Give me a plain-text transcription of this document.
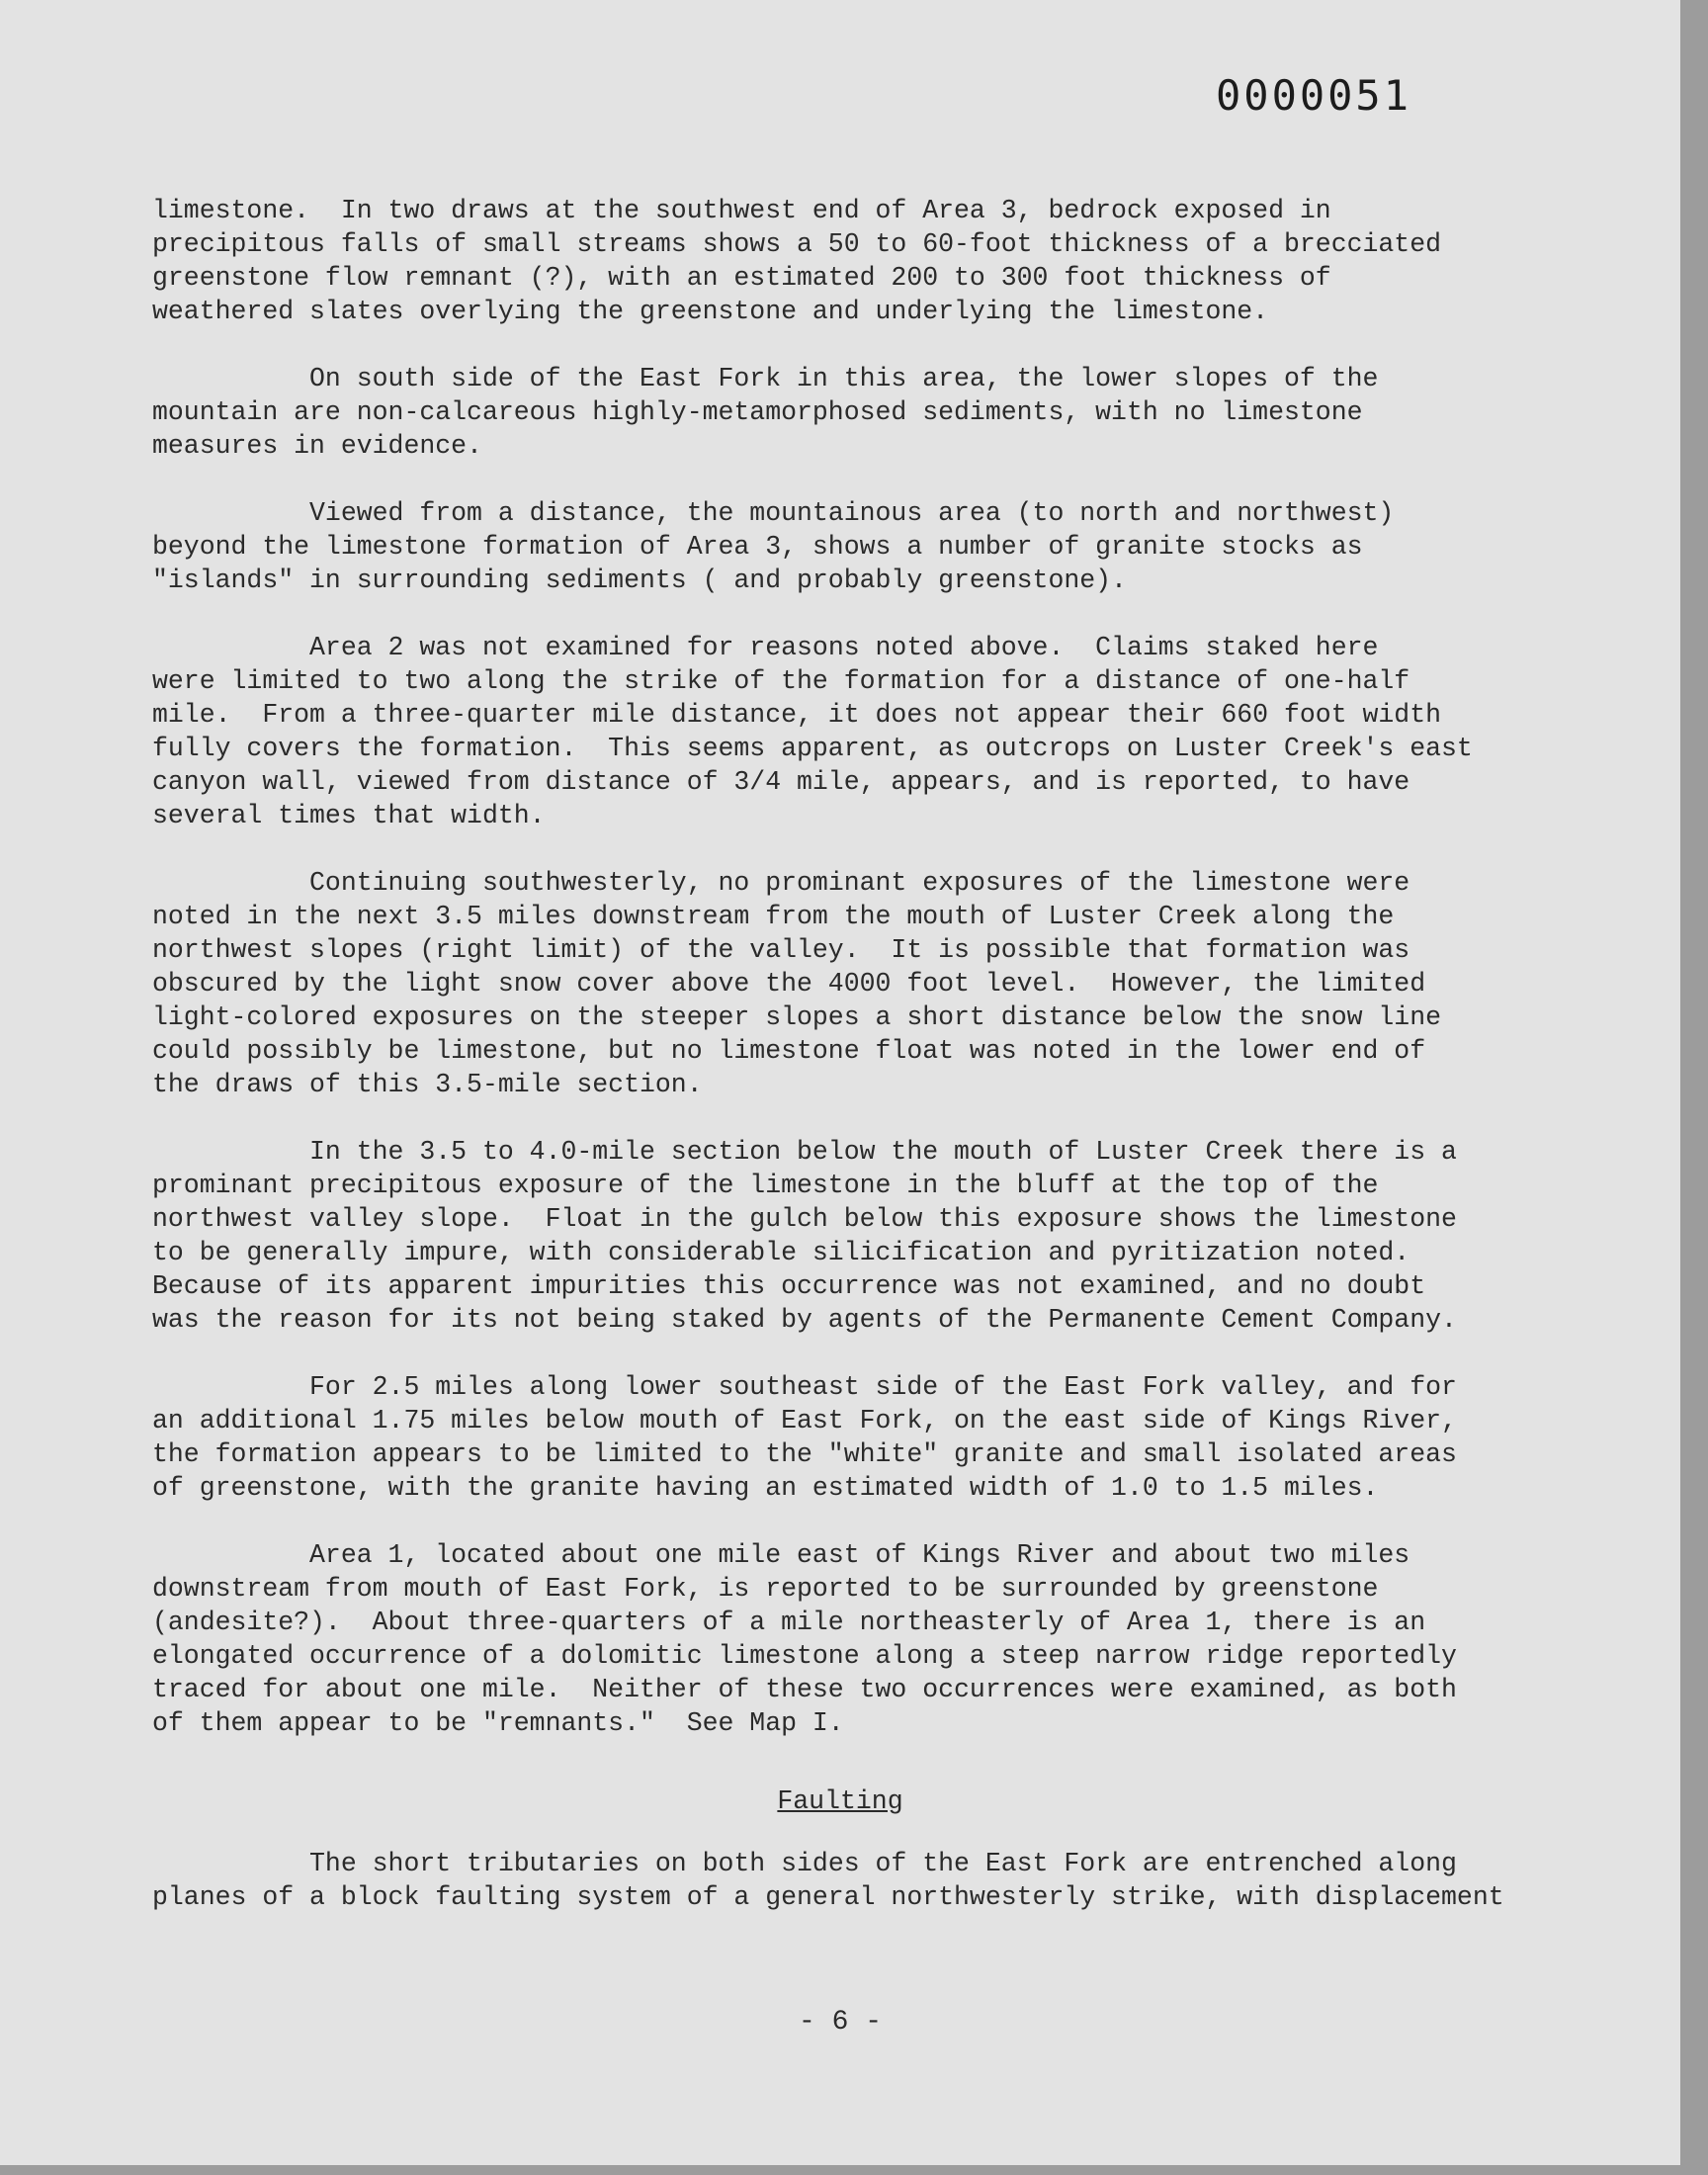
0000051

limestone.  In two draws at the southwest end of Area 3, bedrock exposed in
precipitous falls of small streams shows a 50 to 60-foot thickness of a brecciated
greenstone flow remnant (?), with an estimated 200 to 300 foot thickness of
weathered slates overlying the greenstone and underlying the limestone.

On south side of the East Fork in this area, the lower slopes of the
mountain are non-calcareous highly-metamorphosed sediments, with no limestone
measures in evidence.

Viewed from a distance, the mountainous area (to north and northwest)
beyond the limestone formation of Area 3, shows a number of granite stocks as
"islands" in surrounding sediments ( and probably greenstone).

Area 2 was not examined for reasons noted above.  Claims staked here
were limited to two along the strike of the formation for a distance of one-half
mile.  From a three-quarter mile distance, it does not appear their 660 foot width
fully covers the formation.  This seems apparent, as outcrops on Luster Creek's east
canyon wall, viewed from distance of 3/4 mile, appears, and is reported, to have
several times that width.

Continuing southwesterly, no prominant exposures of the limestone were
noted in the next 3.5 miles downstream from the mouth of Luster Creek along the
northwest slopes (right limit) of the valley.  It is possible that formation was
obscured by the light snow cover above the 4000 foot level.  However, the limited
light-colored exposures on the steeper slopes a short distance below the snow line
could possibly be limestone, but no limestone float was noted in the lower end of
the draws of this 3.5-mile section.

In the 3.5 to 4.0-mile section below the mouth of Luster Creek there is a
prominant precipitous exposure of the limestone in the bluff at the top of the
northwest valley slope.  Float in the gulch below this exposure shows the limestone
to be generally impure, with considerable silicification and pyritization noted.
Because of its apparent impurities this occurrence was not examined, and no doubt
was the reason for its not being staked by agents of the Permanente Cement Company.

For 2.5 miles along lower southeast side of the East Fork valley, and for
an additional 1.75 miles below mouth of East Fork, on the east side of Kings River,
the formation appears to be limited to the "white" granite and small isolated areas
of greenstone, with the granite having an estimated width of 1.0 to 1.5 miles.

Area 1, located about one mile east of Kings River and about two miles
downstream from mouth of East Fork, is reported to be surrounded by greenstone
(andesite?).  About three-quarters of a mile northeasterly of Area 1, there is an
elongated occurrence of a dolomitic limestone along a steep narrow ridge reportedly
traced for about one mile.  Neither of these two occurrences were examined, as both
of them appear to be "remnants."  See Map I.

Faulting

The short tributaries on both sides of the East Fork are entrenched along
planes of a block faulting system of a general northwesterly strike, with displacement

- 6 -
